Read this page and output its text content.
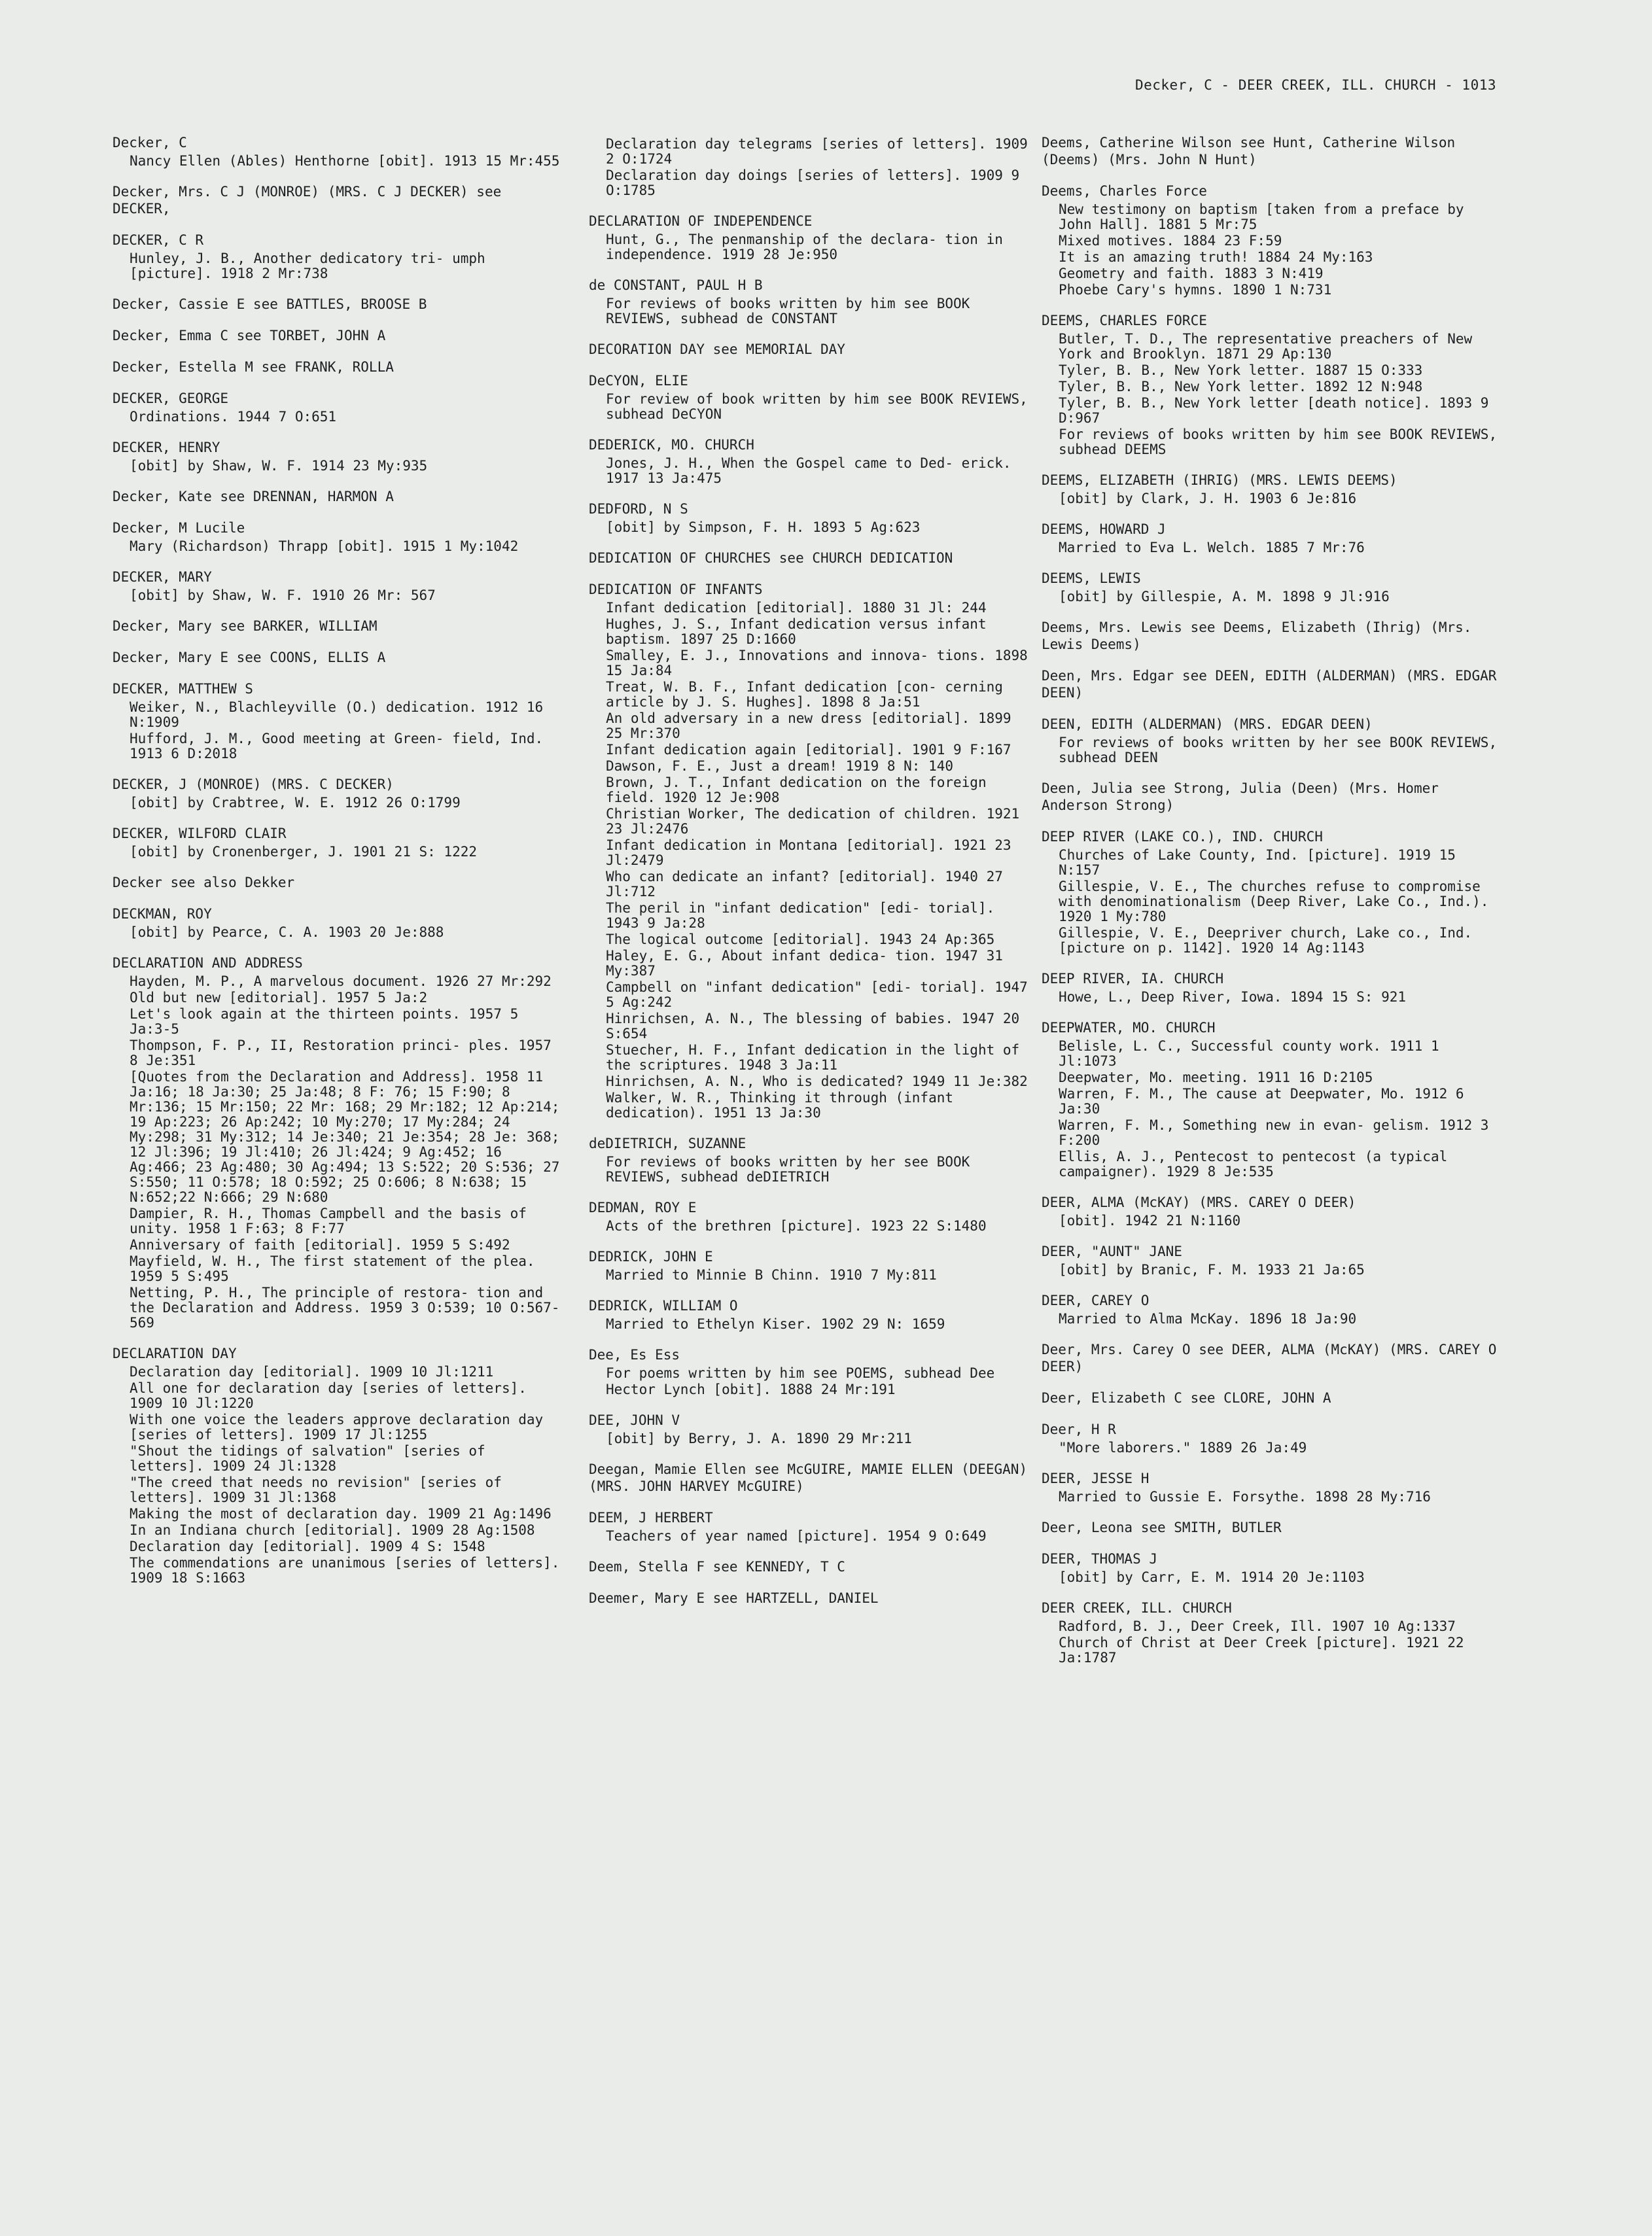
Decker, C - DEER CREEK, ILL. CHURCH - 1013
Decker, C
Nancy Ellen (Ables) Henthorne [obit]. 1913 15 Mr:455
Decker, Mrs. C J (MONROE) (MRS. C J DECKER) see DECKER,
DECKER, C R
Hunley, J. B., Another dedicatory tri- umph [picture]. 1918 2 Mr:738
Decker, Cassie E see BATTLES, BROOSE B
Decker, Emma C see TORBET, JOHN A
Decker, Estella M see FRANK, ROLLA
DECKER, GEORGE
Ordinations. 1944 7 O:651
DECKER, HENRY
[obit] by Shaw, W. F. 1914 23 My:935
Decker, Kate see DRENNAN, HARMON A
Decker, M Lucile
Mary (Richardson) Thrapp [obit]. 1915 1 My:1042
DECKER, MARY
[obit] by Shaw, W. F. 1910 26 Mr: 567
Decker, Mary see BARKER, WILLIAM
Decker, Mary E see COONS, ELLIS A
DECKER, MATTHEW S
Weiker, N., Blachleyville (O.) dedication. 1912 16 N:1909
Hufford, J. M., Good meeting at Green- field, Ind. 1913 6 D:2018
DECKER, J (MONROE) (MRS. C DECKER)
[obit] by Crabtree, W. E. 1912 26 O:1799
DECKER, WILFORD CLAIR
[obit] by Cronenberger, J. 1901 21 S: 1222
Decker see also Dekker
DECKMAN, ROY
[obit] by Pearce, C. A. 1903 20 Je:888
DECLARATION AND ADDRESS
Hayden, M. P., A marvelous document. 1926 27 Mr:292
Old but new [editorial]. 1957 5 Ja:2
Let's look again at the thirteen points. 1957 5 Ja:3-5
Thompson, F. P., II, Restoration princi- ples. 1957 8 Je:351
[Quotes from the Declaration and Address]. 1958 11 Ja:16; 18 Ja:30; 25 Ja:48; 8 F: 76; 15 F:90; 8 Mr:136; 15 Mr:150; 22 Mr: 168; 29 Mr:182; 12 Ap:214; 19 Ap:223; 26 Ap:242; 10 My:270; 17 My:284; 24 My:298; 31 My:312; 14 Je:340; 21 Je:354; 28 Je: 368; 12 Jl:396; 19 Jl:410; 26 Jl:424; 9 Ag:452; 16 Ag:466; 23 Ag:480; 30 Ag:494; 13 S:522; 20 S:536; 27 S:550; 11 O:578; 18 O:592; 25 O:606; 8 N:638; 15 N:652;22 N:666; 29 N:680
Dampier, R. H., Thomas Campbell and the basis of unity. 1958 1 F:63; 8 F:77
Anniversary of faith [editorial]. 1959 5 S:492
Mayfield, W. H., The first statement of the plea. 1959 5 S:495
Netting, P. H., The principle of restora- tion and the Declaration and Address. 1959 3 O:539; 10 O:567-569
DECLARATION DAY
Declaration day [editorial]. 1909 10 Jl:1211
All one for declaration day [series of letters]. 1909 10 Jl:1220
With one voice the leaders approve declaration day [series of letters]. 1909 17 Jl:1255
"Shout the tidings of salvation" [series of letters]. 1909 24 Jl:1328
"The creed that needs no revision" [series of letters]. 1909 31 Jl:1368
Making the most of declaration day. 1909 21 Ag:1496
In an Indiana church [editorial]. 1909 28 Ag:1508
Declaration day [editorial]. 1909 4 S: 1548
The commendations are unanimous [series of letters]. 1909 18 S:1663
Declaration day telegrams [series of letters]. 1909 2 O:1724
Declaration day doings [series of letters]. 1909 9 O:1785
DECLARATION OF INDEPENDENCE
Hunt, G., The penmanship of the declara- tion in independence. 1919 28 Je:950
de CONSTANT, PAUL H B
For reviews of books written by him see BOOK REVIEWS, subhead de CONSTANT
DECORATION DAY see MEMORIAL DAY
DeCYON, ELIE
For review of book written by him see BOOK REVIEWS, subhead DeCYON
DEDERICK, MO. CHURCH
Jones, J. H., When the Gospel came to Ded- erick. 1917 13 Ja:475
DEDFORD, N S
[obit] by Simpson, F. H. 1893 5 Ag:623
DEDICATION OF CHURCHES see CHURCH DEDICATION
DEDICATION OF INFANTS
Infant dedication [editorial]. 1880 31 Jl: 244
Hughes, J. S., Infant dedication versus infant baptism. 1897 25 D:1660
Smalley, E. J., Innovations and innova- tions. 1898 15 Ja:84
Treat, W. B. F., Infant dedication [con- cerning article by J. S. Hughes]. 1898 8 Ja:51
An old adversary in a new dress [editorial]. 1899 25 Mr:370
Infant dedication again [editorial]. 1901 9 F:167
Dawson, F. E., Just a dream! 1919 8 N: 140
Brown, J. T., Infant dedication on the foreign field. 1920 12 Je:908
Christian Worker, The dedication of children. 1921 23 Jl:2476
Infant dedication in Montana [editorial]. 1921 23 Jl:2479
Who can dedicate an infant? [editorial]. 1940 27 Jl:712
The peril in "infant dedication" [edi- torial]. 1943 9 Ja:28
The logical outcome [editorial]. 1943 24 Ap:365
Haley, E. G., About infant dedica- tion. 1947 31 My:387
Campbell on "infant dedication" [edi- torial]. 1947 5 Ag:242
Hinrichsen, A. N., The blessing of babies. 1947 20 S:654
Stuecher, H. F., Infant dedication in the light of the scriptures. 1948 3 Ja:11
Hinrichsen, A. N., Who is dedicated? 1949 11 Je:382
Walker, W. R., Thinking it through (infant dedication). 1951 13 Ja:30
deDIETRICH, SUZANNE
For reviews of books written by her see BOOK REVIEWS, subhead deDIETRICH
DEDMAN, ROY E
Acts of the brethren [picture]. 1923 22 S:1480
DEDRICK, JOHN E
Married to Minnie B Chinn. 1910 7 My:811
DEDRICK, WILLIAM O
Married to Ethelyn Kiser. 1902 29 N: 1659
Dee, Es Ess
For poems written by him see POEMS, subhead Dee
Hector Lynch [obit]. 1888 24 Mr:191
DEE, JOHN V
[obit] by Berry, J. A. 1890 29 Mr:211
Deegan, Mamie Ellen see McGUIRE, MAMIE ELLEN (DEEGAN) (MRS. JOHN HARVEY McGUIRE)
DEEM, J HERBERT
Teachers of year named [picture]. 1954 9 O:649
Deem, Stella F see KENNEDY, T C
Deemer, Mary E see HARTZELL, DANIEL
Deems, Catherine Wilson see Hunt, Catherine Wilson (Deems) (Mrs. John N Hunt)
Deems, Charles Force
New testimony on baptism [taken from a preface by John Hall]. 1881 5 Mr:75
Mixed motives. 1884 23 F:59
It is an amazing truth! 1884 24 My:163
Geometry and faith. 1883 3 N:419
Phoebe Cary's hymns. 1890 1 N:731
DEEMS, CHARLES FORCE
Butler, T. D., The representative preachers of New York and Brooklyn. 1871 29 Ap:130
Tyler, B. B., New York letter. 1887 15 O:333
Tyler, B. B., New York letter. 1892 12 N:948
Tyler, B. B., New York letter [death notice]. 1893 9 D:967
For reviews of books written by him see BOOK REVIEWS, subhead DEEMS
DEEMS, ELIZABETH (IHRIG) (MRS. LEWIS DEEMS)
[obit] by Clark, J. H. 1903 6 Je:816
DEEMS, HOWARD J
Married to Eva L. Welch. 1885 7 Mr:76
DEEMS, LEWIS
[obit] by Gillespie, A. M. 1898 9 Jl:916
Deems, Mrs. Lewis see Deems, Elizabeth (Ihrig) (Mrs. Lewis Deems)
Deen, Mrs. Edgar see DEEN, EDITH (ALDERMAN) (MRS. EDGAR DEEN)
DEEN, EDITH (ALDERMAN) (MRS. EDGAR DEEN)
For reviews of books written by her see BOOK REVIEWS, subhead DEEN
Deen, Julia see Strong, Julia (Deen) (Mrs. Homer Anderson Strong)
DEEP RIVER (LAKE CO.), IND. CHURCH
Churches of Lake County, Ind. [picture]. 1919 15 N:157
Gillespie, V. E., The churches refuse to compromise with denominationalism (Deep River, Lake Co., Ind.). 1920 1 My:780
Gillespie, V. E., Deepriver church, Lake co., Ind. [picture on p. 1142]. 1920 14 Ag:1143
DEEP RIVER, IA. CHURCH
Howe, L., Deep River, Iowa. 1894 15 S: 921
DEEPWATER, MO. CHURCH
Belisle, L. C., Successful county work. 1911 1 Jl:1073
Deepwater, Mo. meeting. 1911 16 D:2105
Warren, F. M., The cause at Deepwater, Mo. 1912 6 Ja:30
Warren, F. M., Something new in evan- gelism. 1912 3 F:200
Ellis, A. J., Pentecost to pentecost (a typical campaigner). 1929 8 Je:535
DEER, ALMA (McKAY) (MRS. CAREY O DEER)
[obit]. 1942 21 N:1160
DEER, "AUNT" JANE
[obit] by Branic, F. M. 1933 21 Ja:65
DEER, CAREY O
Married to Alma McKay. 1896 18 Ja:90
Deer, Mrs. Carey O see DEER, ALMA (McKAY) (MRS. CAREY O DEER)
Deer, Elizabeth C see CLORE, JOHN A
Deer, H R
"More laborers." 1889 26 Ja:49
DEER, JESSE H
Married to Gussie E. Forsythe. 1898 28 My:716
Deer, Leona see SMITH, BUTLER
DEER, THOMAS J
[obit] by Carr, E. M. 1914 20 Je:1103
DEER CREEK, ILL. CHURCH
Radford, B. J., Deer Creek, Ill. 1907 10 Ag:1337
Church of Christ at Deer Creek [picture]. 1921 22 Ja:1787
